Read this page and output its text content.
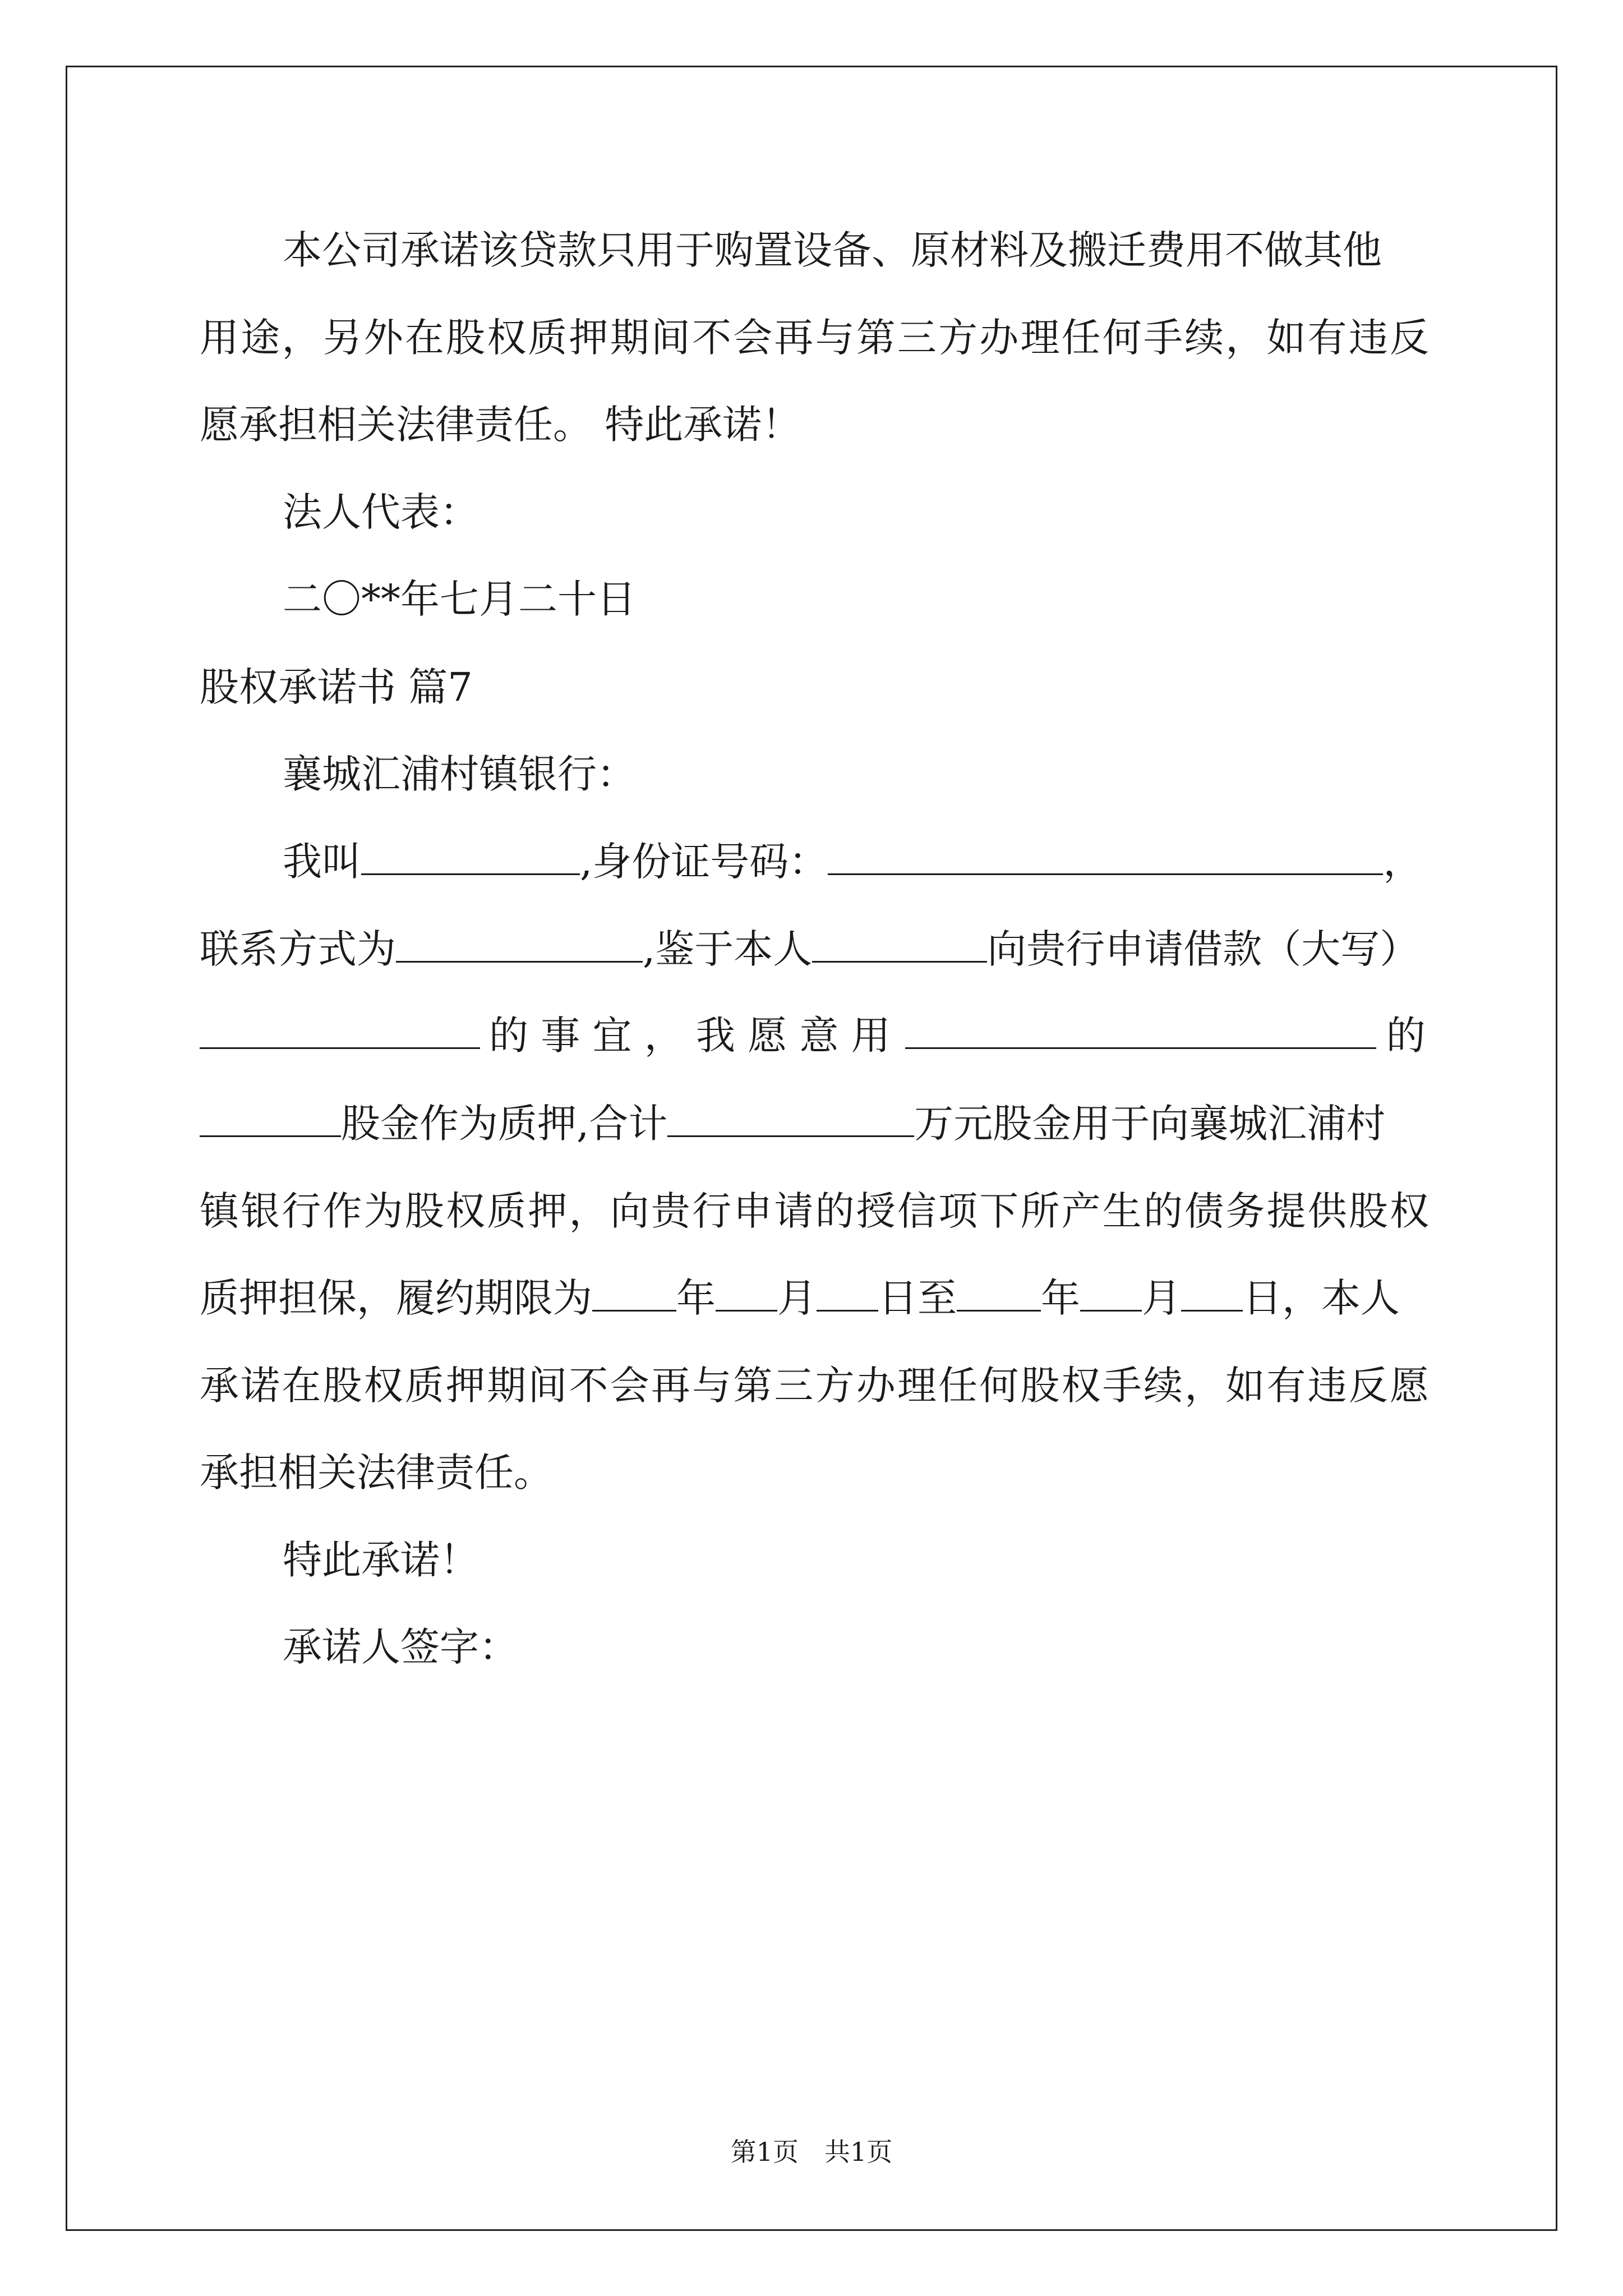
本公司承诺该贷款只用于购置设备、原材料及搬迁费用不做其他
用途，另外在股权质押期间不会再与第三方办理任何手续，如有违反
愿承担相关法律责任。 特此承诺！
法人代表：
二〇**年七月二十日
股权承诺书 篇7
襄城汇浦村镇银行：
我叫	,身份证号码：	，
联系方式为	,鉴于本人	向贵行申请借款（大写）
的 事 宜 ， 我 愿 意 用	的
股金作为质押,合计	万元股金用于向襄城汇浦村
镇银行作为股权质押，向贵行申请的授信项下所产生的债务提供股权
质押担保，履约期限为 年 月 日至 年 月 日，本人
承诺在股权质押期间不会再与第三方办理任何股权手续，如有违反愿
承担相关法律责任。
特此承诺！
承诺人签字：
第1页　共1页
